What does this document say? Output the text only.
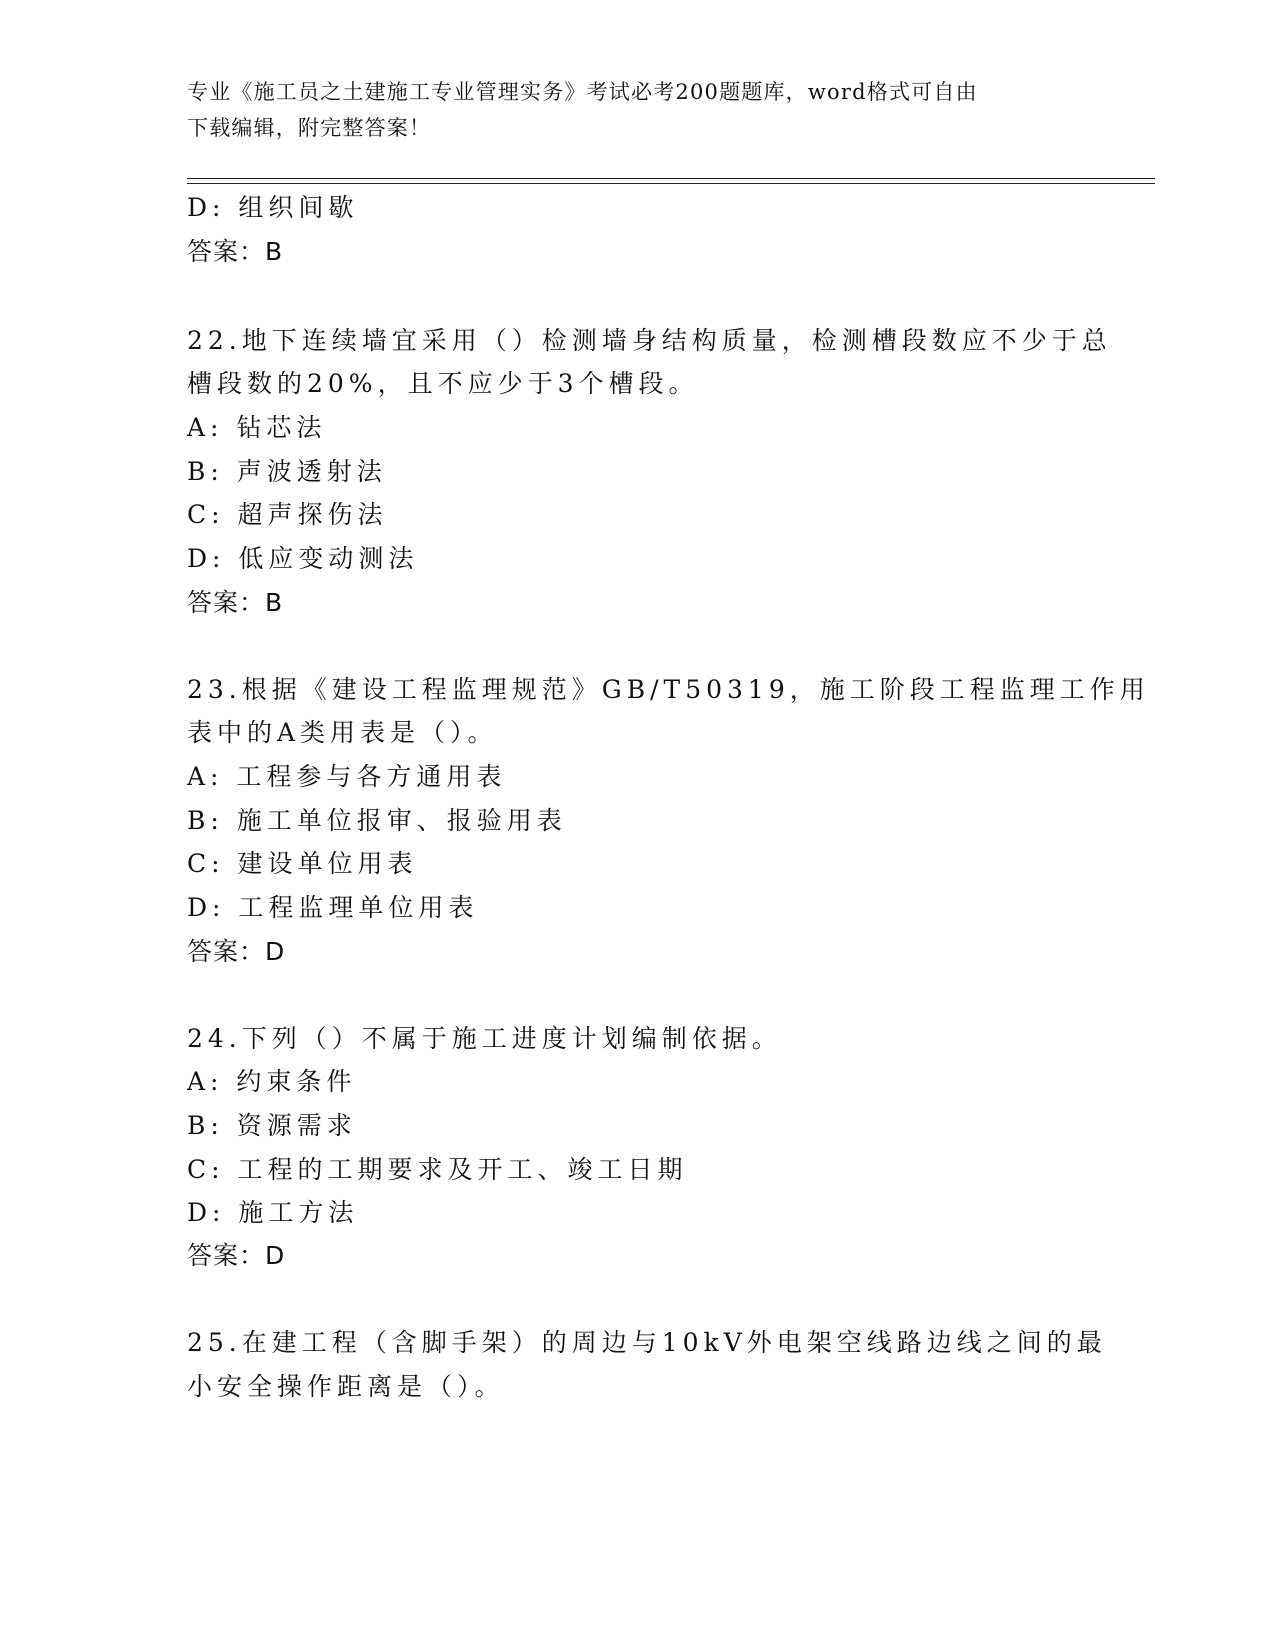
专业《施工员之土建施工专业管理实务》考试必考200题题库，word格式可自由
下载编辑，附完整答案！
D: 组织间歇
答案：B
22.地下连续墙宜采用（）检测墙身结构质量，检测槽段数应不少于总
槽段数的20%，且不应少于3个槽段。
A: 钻芯法
B: 声波透射法
C: 超声探伤法
D: 低应变动测法
答案：B
23.根据《建设工程监理规范》GB/T50319，施工阶段工程监理工作用
表中的A类用表是（）。
A: 工程参与各方通用表
B: 施工单位报审、报验用表
C: 建设单位用表
D: 工程监理单位用表
答案：D
24.下列（）不属于施工进度计划编制依据。
A: 约束条件
B: 资源需求
C: 工程的工期要求及开工、竣工日期
D: 施工方法
答案：D
25.在建工程（含脚手架）的周边与10kV外电架空线路边线之间的最
小安全操作距离是（）。
